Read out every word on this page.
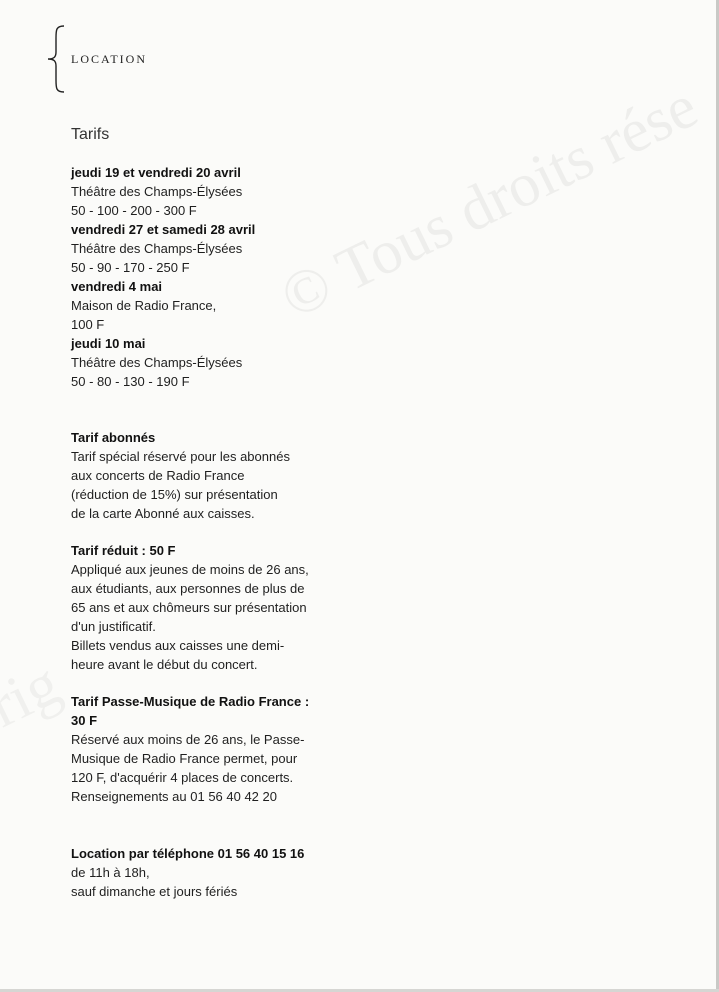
© Tous droits rése
LOCATION
Tarifs
jeudi 19 et vendredi 20 avril
Théâtre des Champs-Élysées
50 - 100 - 200 - 300 F
vendredi 27 et samedi 28 avril
Théâtre des Champs-Élysées
50 - 90 - 170 - 250 F
vendredi 4 mai
Maison de Radio France,
100 F
jeudi 10 mai
Théâtre des Champs-Élysées
50 - 80 - 130 - 190 F
Tarif abonnés
Tarif spécial réservé pour les abonnés
aux concerts de Radio France
(réduction de 15%) sur présentation
de la carte Abonné aux caisses.
Tarif réduit : 50 F
Appliqué aux jeunes de moins de 26 ans,
aux étudiants, aux personnes de plus de
65 ans et aux chômeurs sur présentation
d'un justificatif.
Billets vendus aux caisses une demi-
heure avant le début du concert.
Tarif Passe-Musique de Radio France :
30 F
Réservé aux moins de 26 ans, le Passe-
Musique de Radio France permet, pour
120 F, d'acquérir 4 places de concerts.
Renseignements au 01 56 40 42 20
Location par téléphone 01 56 40 15 16
de 11h à 18h,
sauf dimanche et jours fériés
